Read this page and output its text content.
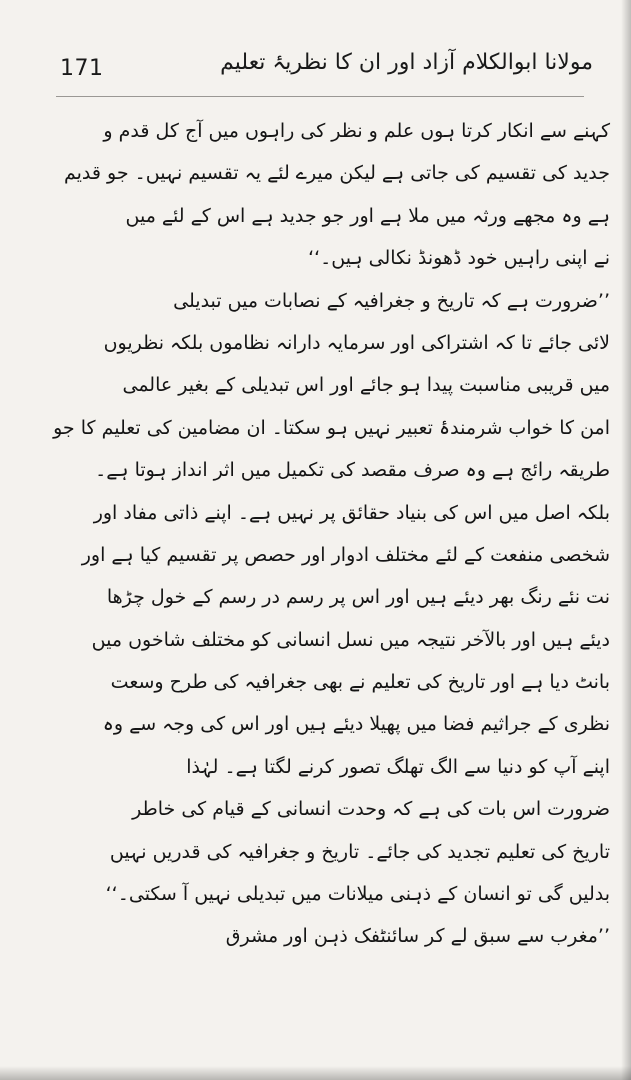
171	مولانا ابوالکلام آزاد اور ان کا نظریۂ تعلیم
کہنے سے انکار کرتا ہوں علم و نظر کی راہوں میں آج کل قدم و
جدید کی تقسیم کی جاتی ہے لیکن میرے لئے یہ تقسیم نہیں۔ جو قدیم
ہے وہ مجھے ورثہ میں ملا ہے اور جو جدید ہے اس کے لئے میں
نے اپنی راہیں خود ڈھونڈ نکالی ہیں۔‘‘
’’ضرورت ہے کہ تاریخ و جغرافیہ کے نصابات میں تبدیلی
لائی جائے تا کہ اشتراکی اور سرمایہ دارانہ نظاموں بلکہ نظریوں
میں قریبی مناسبت پیدا ہو جائے اور اس تبدیلی کے بغیر عالمی
امن کا خواب شرمندۂ تعبیر نہیں ہو سکتا۔ ان مضامین کی تعلیم کا جو
طریقہ رائج ہے وہ صرف مقصد کی تکمیل میں اثر انداز ہوتا ہے۔
بلکہ اصل میں اس کی بنیاد حقائق پر نہیں ہے۔ اپنے ذاتی مفاد اور
شخصی منفعت کے لئے مختلف ادوار اور حصص پر تقسیم کیا ہے اور
نت نئے رنگ بھر دیئے ہیں اور اس پر رسم در رسم کے خول چڑھا
دیئے ہیں اور بالآخر نتیجہ میں نسل انسانی کو مختلف شاخوں میں
بانٹ دیا ہے اور تاریخ کی تعلیم نے بھی جغرافیہ کی طرح وسعت
نظری کے جراثیم فضا میں پھیلا دیئے ہیں اور اس کی وجہ سے وہ
اپنے آپ کو دنیا سے الگ تھلگ تصور کرنے لگتا ہے۔ لہٰذا
ضرورت اس بات کی ہے کہ وحدت انسانی کے قیام کی خاطر
تاریخ کی تعلیم تجدید کی جائے۔ تاریخ و جغرافیہ کی قدریں نہیں
بدلیں گی تو انسان کے ذہنی میلانات میں تبدیلی نہیں آ سکتی۔‘‘
’’مغرب سے سبق لے کر سائنٹفک ذہن اور مشرق
